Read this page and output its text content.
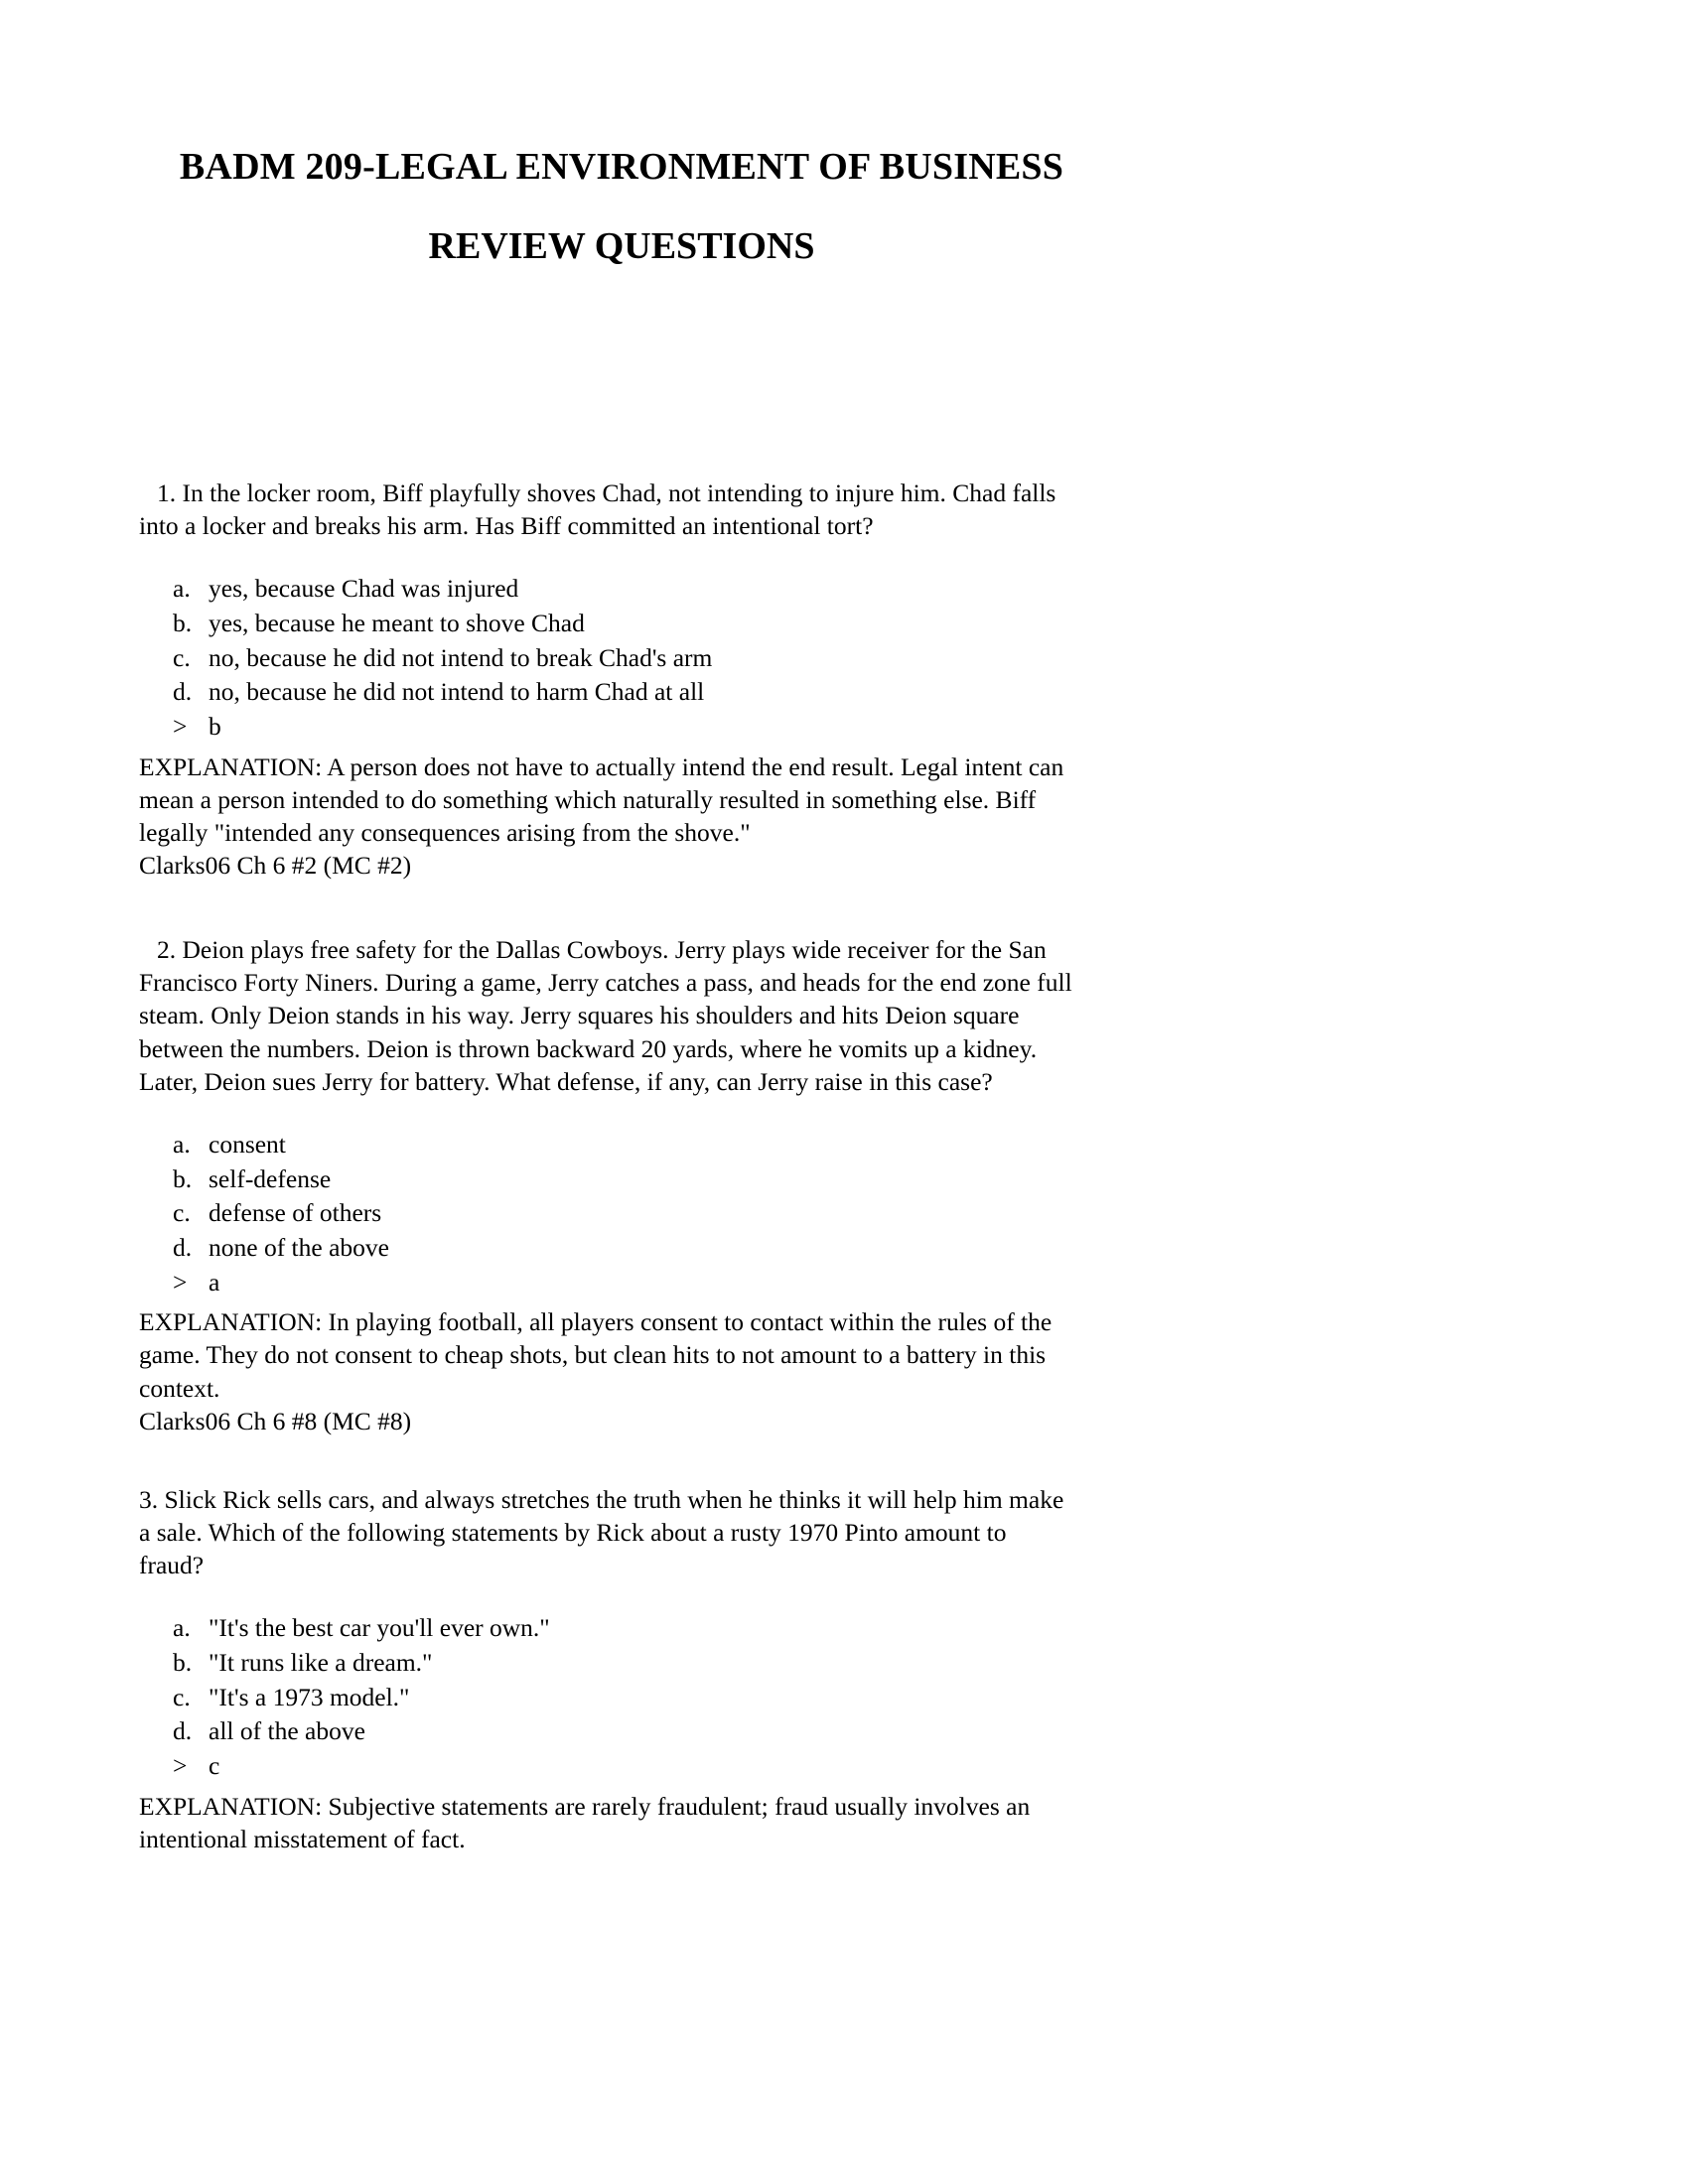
BADM 209-LEGAL ENVIRONMENT OF BUSINESS
REVIEW QUESTIONS

1. In the locker room, Biff playfully shoves Chad, not intending to injure him. Chad falls into a locker and breaks his arm. Has Biff committed an intentional tort?

a. yes, because Chad was injured
b. yes, because he meant to shove Chad
c. no, because he did not intend to break Chad's arm
d. no, because he did not intend to harm Chad at all
> b

EXPLANATION: A person does not have to actually intend the end result. Legal intent can mean a person intended to do something which naturally resulted in something else. Biff legally "intended any consequences arising from the shove."

Clarks06 Ch 6 #2 (MC #2)

2. Deion plays free safety for the Dallas Cowboys. Jerry plays wide receiver for the San Francisco Forty Niners. During a game, Jerry catches a pass, and heads for the end zone full steam. Only Deion stands in his way. Jerry squares his shoulders and hits Deion square between the numbers. Deion is thrown backward 20 yards, where he vomits up a kidney. Later, Deion sues Jerry for battery. What defense, if any, can Jerry raise in this case?

a. consent
b. self-defense
c. defense of others
d. none of the above
> a

EXPLANATION: In playing football, all players consent to contact within the rules of the game. They do not consent to cheap shots, but clean hits to not amount to a battery in this context.

Clarks06 Ch 6 #8 (MC #8)

3. Slick Rick sells cars, and always stretches the truth when he thinks it will help him make a sale. Which of the following statements by Rick about a rusty 1970 Pinto amount to fraud?

a. "It's the best car you'll ever own."
b. "It runs like a dream."
c. "It's a 1973 model."
d. all of the above
> c

EXPLANATION: Subjective statements are rarely fraudulent; fraud usually involves an intentional misstatement of fact.
